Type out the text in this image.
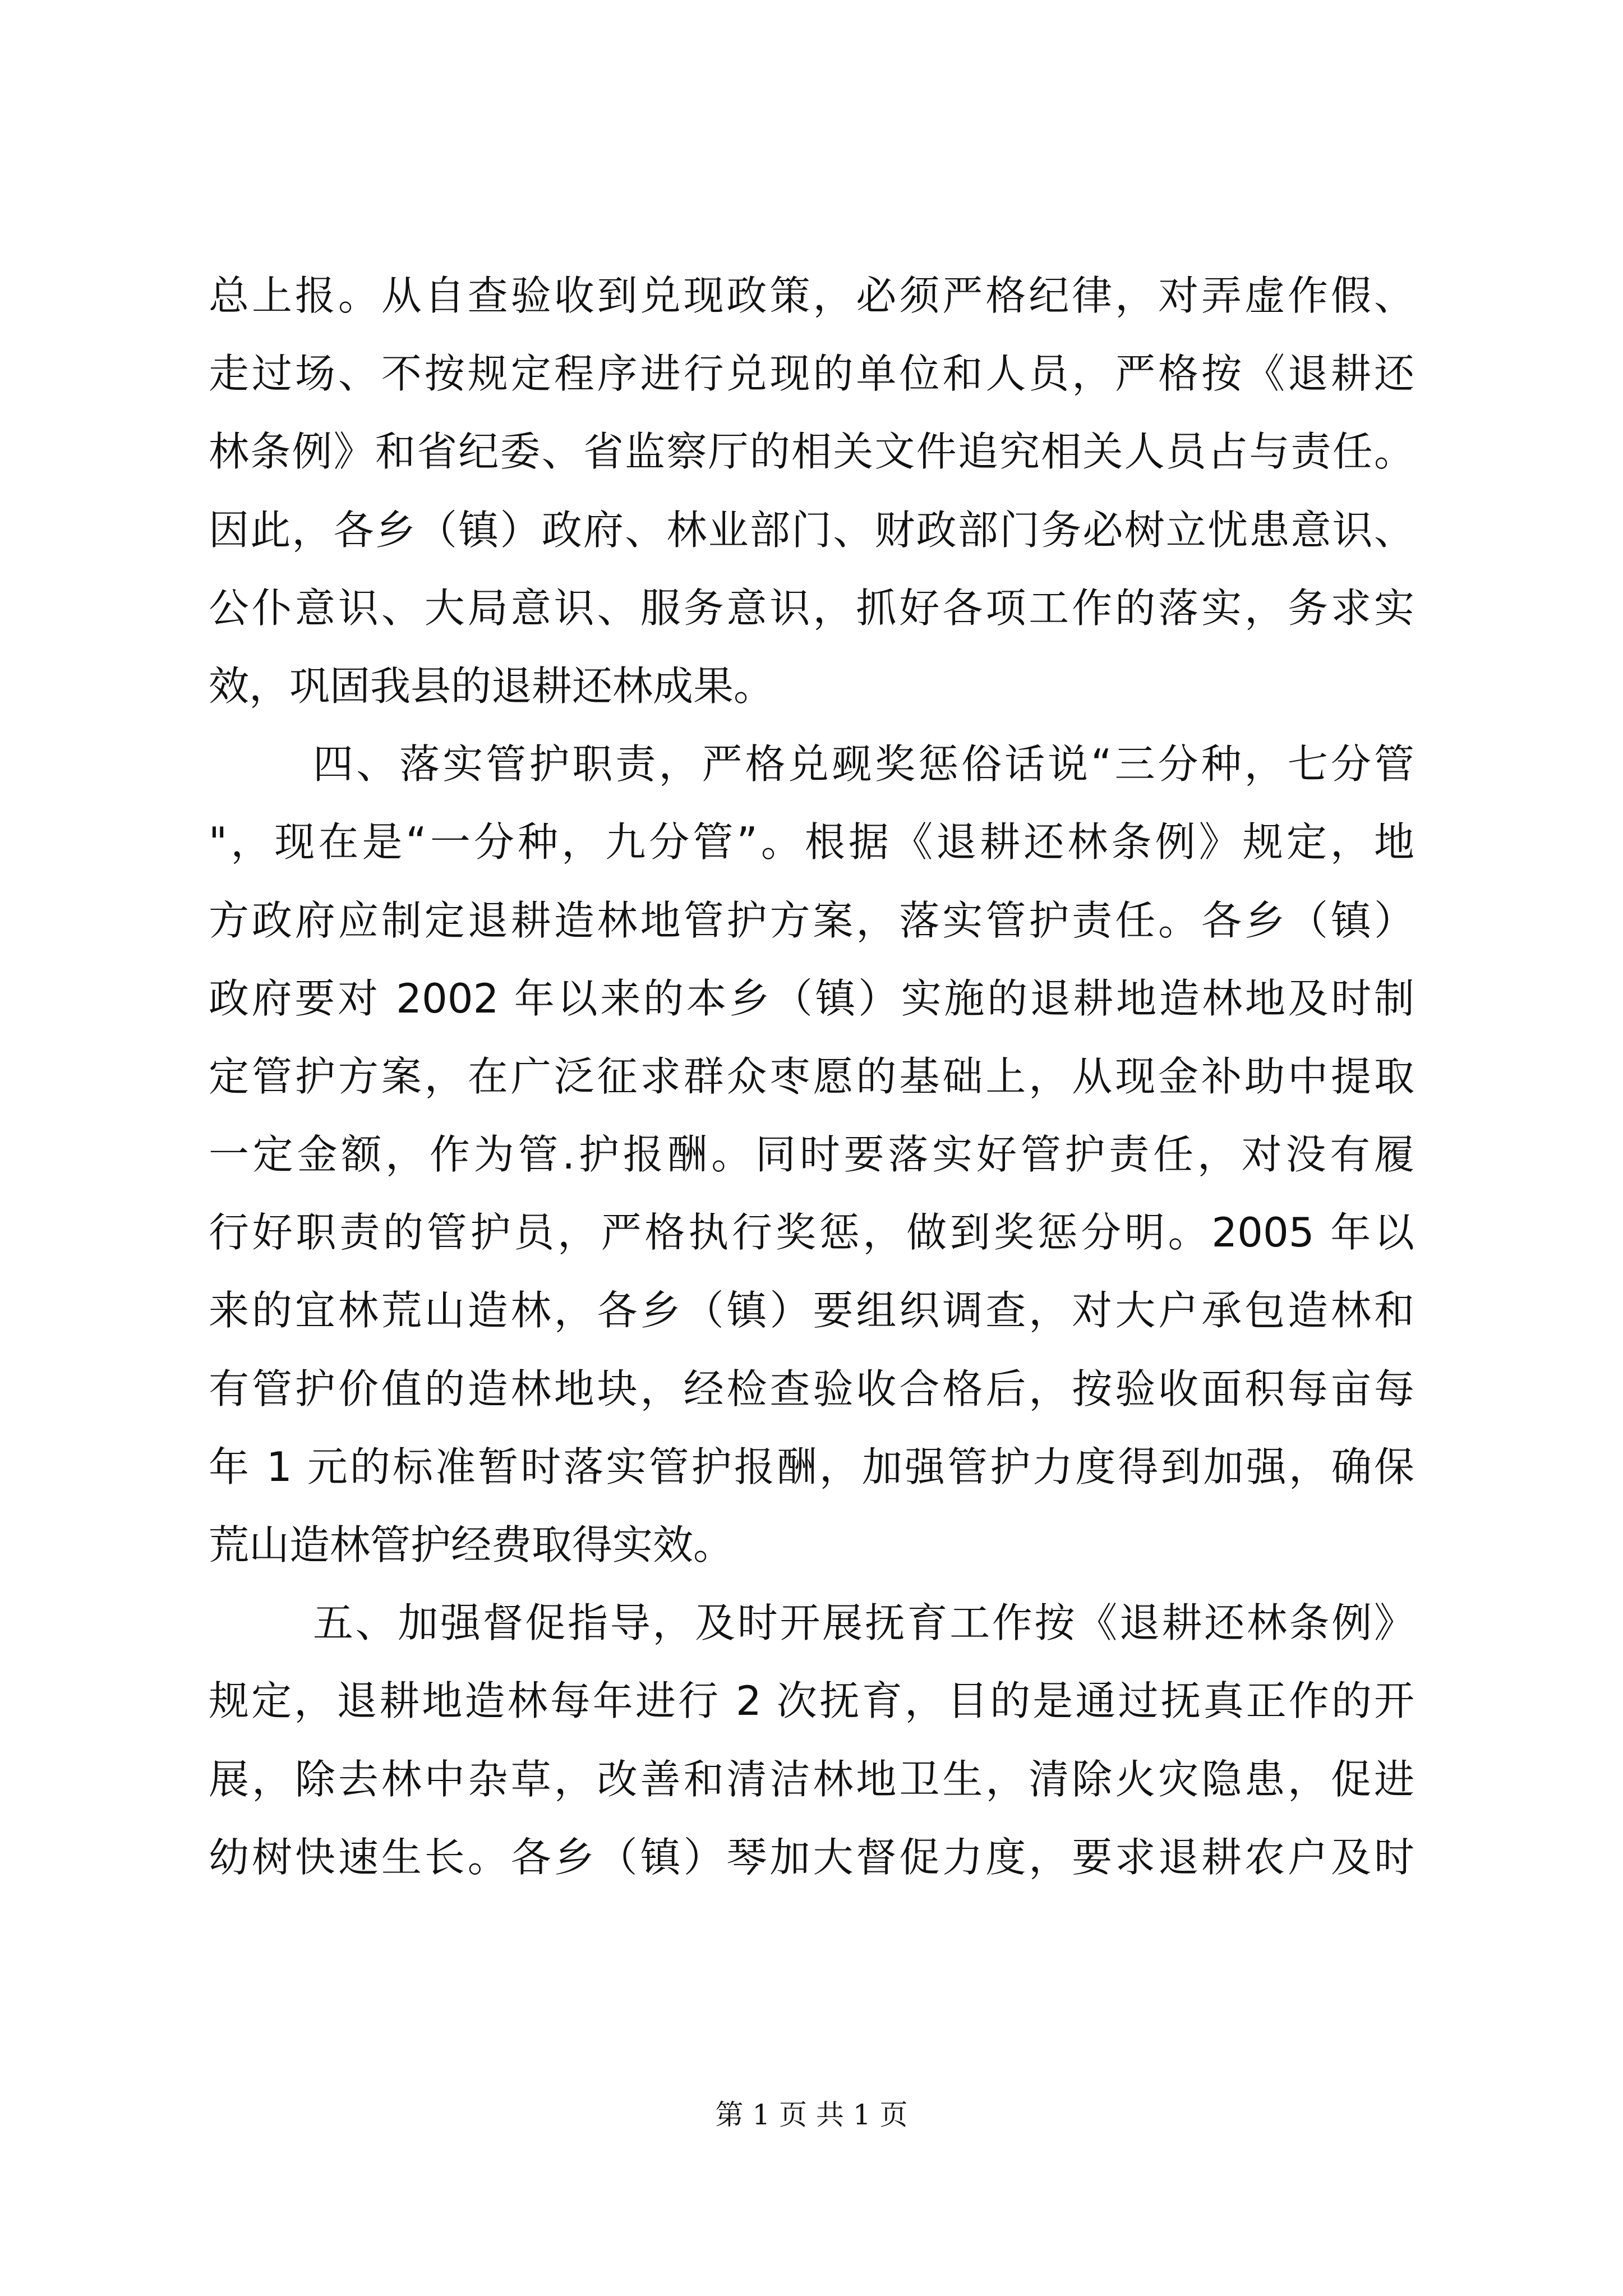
总上报。从自查验收到兑现政策，必须严格纪律，对弄虚作假、
走过场、不按规定程序进行兑现的单位和人员，严格按《退耕还
林条例》和省纪委、省监察厅的相关文件追究相关人员占与责任。
因此，各乡（镇）政府、林业部门、财政部门务必树立忧患意识、
公仆意识、大局意识、服务意识，抓好各项工作的落实，务求实
效，巩固我县的退耕还林成果。
四、落实管护职责，严格兑觋奖惩俗话说“三分种，七分管
"，现在是“一分种，九分管”。根据《退耕还林条例》规定，地
方政府应制定退耕造林地管护方案，落实管护责任。各乡（镇）
政府要对 2002 年以来的本乡（镇）实施的退耕地造林地及时制
定管护方案，在广泛征求群众枣愿的基础上，从现金补助中提取
一定金额，作为管.护报酬。同时要落实好管护责任，对没有履
行好职责的管护员，严格执行奖惩，做到奖惩分明。2005 年以
来的宜林荒山造林，各乡（镇）要组织调查，对大户承包造林和
有管护价值的造林地块，经检查验收合格后，按验收面积每亩每
年 1 元的标准暂时落实管护报酬，加强管护力度得到加强，确保
荒山造林管护经费取得实效。
五、加强督促指导，及时开展抚育工作按《退耕还林条例》
规定，退耕地造林每年进行 2 次抚育，目的是通过抚真正作的开
展，除去林中杂草，改善和清洁林地卫生，清除火灾隐患，促进
幼树快速生长。各乡（镇）琴加大督促力度，要求退耕农户及时
第 1 页 共 1 页
